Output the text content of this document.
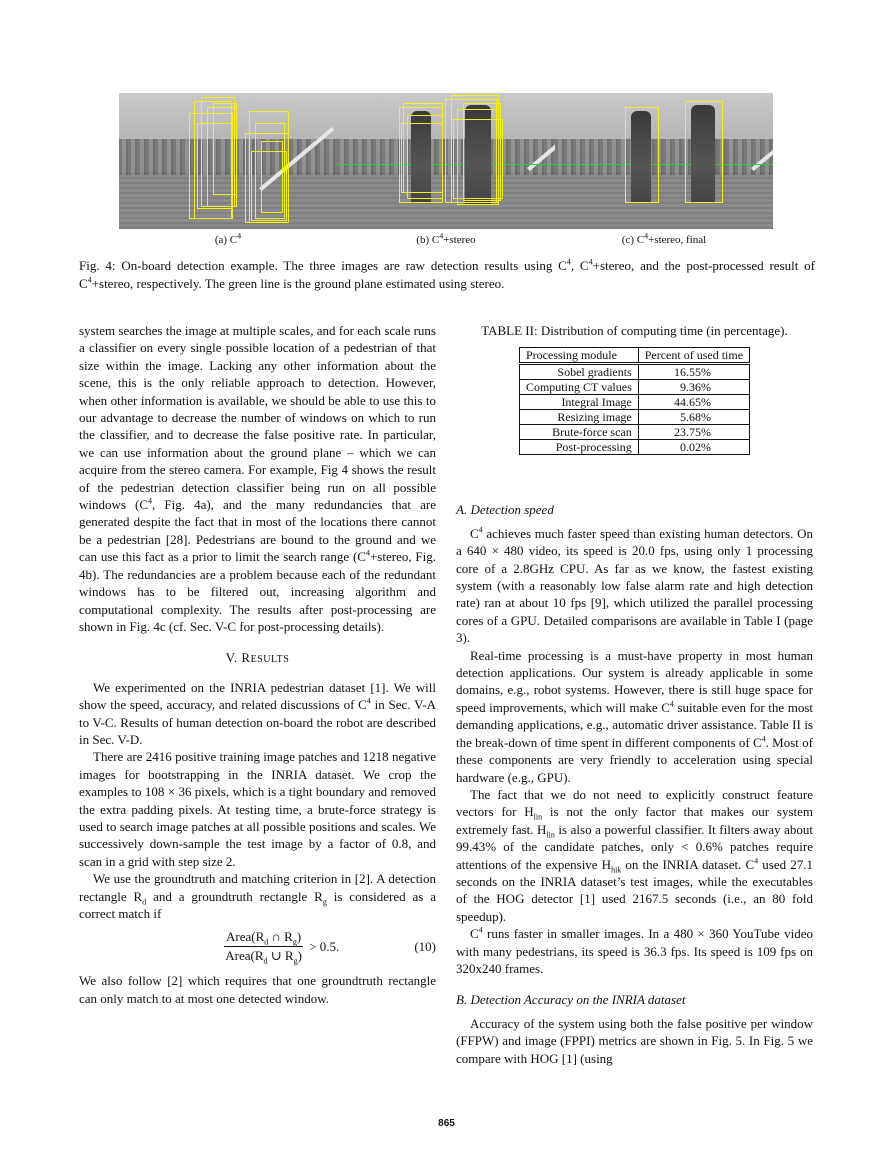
(a) $C^4$	(b) $C^4+stereo$	(c) $C^4+stereo$, final
Fig. 4: On-board detection example. The three images are raw detection results using $C^4$, $C^4+stereo$, and the post-processed result of $C^4+stereo$, respectively. The green line is the ground plane estimated using stereo.

system searches the image at multiple scales, and for each scale runs a classifier on every single possible location of a pedestrian of that size within the image. Lacking any other information about the scene, this is the only reliable approach to detection. However, when other information is available, we should be able to use this to our advantage to decrease the number of windows on which to run the classifier, and to decrease the false positive rate. In particular, we can use information about the ground plane – which we can acquire from the stereo camera. For example, Fig 4 shows the result of the pedestrian detection classifier being run on all possible windows ($C^4$, Fig. 4a), and the many redundancies that are generated despite the fact that in most of the locations there cannot be a pedestrian [28]. Pedestrians are bound to the ground and we can use this fact as a prior to limit the search range ($C^4+stereo$, Fig. 4b). The redundancies are a problem because each of the redundant windows has to be filtered out, increasing algorithm and computational complexity. The results after post-processing are shown in Fig. 4c (cf. Sec. V-C for post-processing details).

V. RESULTS

We experimented on the INRIA pedestrian dataset [1]. We will show the speed, accuracy, and related discussions of $C^4$ in Sec. V-A to V-C. Results of human detection on-board the robot are described in Sec. V-D.

There are 2416 positive training image patches and 1218 negative images for bootstrapping in the INRIA dataset. We crop the examples to 108 × 36 pixels, which is a tight boundary and removed the extra padding pixels. At testing time, a brute-force strategy is used to search image patches at all possible positions and scales. We successively down-sample the test image by a factor of 0.8, and scan in a grid with step size 2.

We use the groundtruth and matching criterion in [2]. A detection rectangle $R_d$ and a groundtruth rectangle $R_g$ is considered as a correct match if

$\frac{Area(R_d \cap R_g)}{Area(R_d \cup R_g)} > 0.5$.	(10)

We also follow [2] which requires that one groundtruth rectangle can only match to at most one detected window.

TABLE II: Distribution of computing time (in percentage).

Processing module	Percent of used time
Sobel gradients	16.55%
Computing CT values	9.36%
Integral Image	44.65%
Resizing image	5.68%
Brute-force scan	23.75%
Post-processing	0.02%

A. Detection speed

$C^4$ achieves much faster speed than existing human detectors. On a 640 × 480 video, its speed is 20.0 fps, using only 1 processing core of a 2.8GHz CPU. As far as we know, the fastest existing system (with a reasonably low false alarm rate and high detection rate) ran at about 10 fps [9], which utilized the parallel processing cores of a GPU. Detailed comparisons are available in Table I (page 3).

Real-time processing is a must-have property in most human detection applications. Our system is already applicable in some domains, e.g., robot systems. However, there is still huge space for speed improvements, which will make $C^4$ suitable even for the most demanding applications, e.g., automatic driver assistance. Table II is the break-down of time spent in different components of $C^4$. Most of these components are very friendly to acceleration using special hardware (e.g., GPU).

The fact that we do not need to explicitly construct feature vectors for $H_{lin}$ is not the only factor that makes our system extremely fast. $H_{lin}$ is also a powerful classifier. It filters away about 99.43% of the candidate patches, only < 0.6% patches require attentions of the expensive $H_{hik}$ on the INRIA dataset. $C^4$ used 27.1 seconds on the INRIA dataset’s test images, while the executables of the HOG detector [1] used 2167.5 seconds (i.e., an 80 fold speedup).

$C^4$ runs faster in smaller images. In a 480 × 360 YouTube video with many pedestrians, its speed is 36.3 fps. Its speed is 109 fps on 320x240 frames.

B. Detection Accuracy on the INRIA dataset

Accuracy of the system using both the false positive per window (FFPW) and image (FPPI) metrics are shown in Fig. 5. In Fig. 5 we compare with HOG [1] (using

865
